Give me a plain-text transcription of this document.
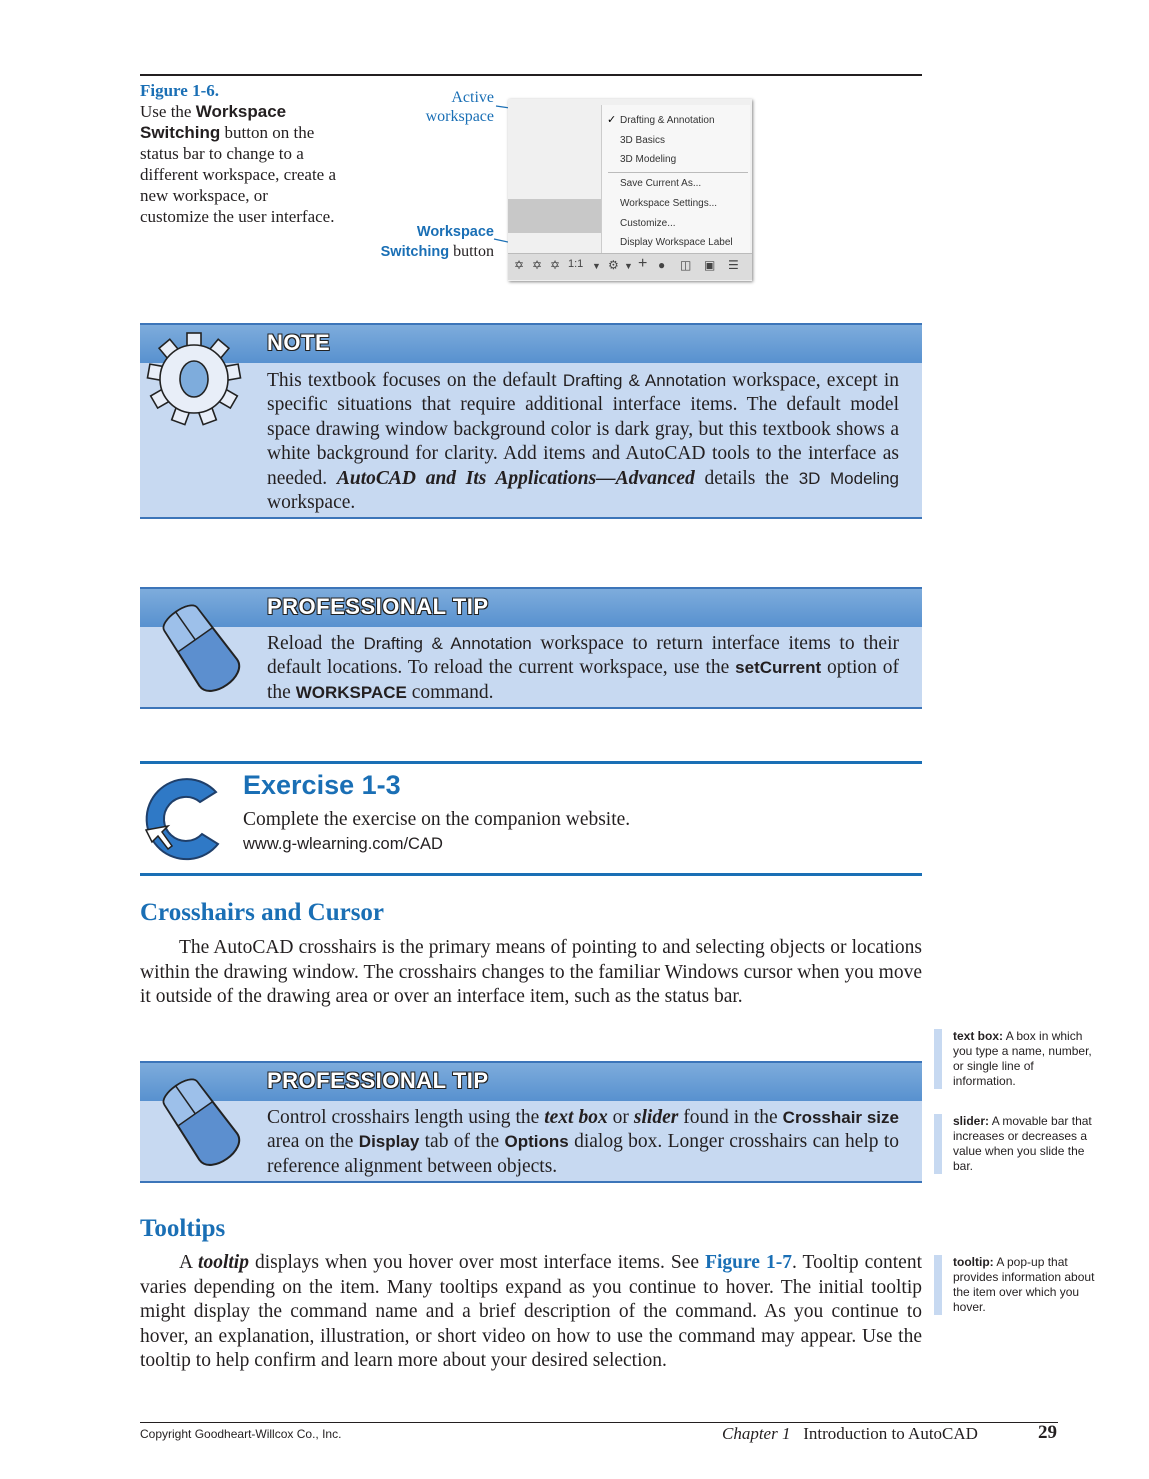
Figure 1-6.
Use the Workspace Switching button on the status bar to change to a different workspace, create a new workspace, or customize the user interface.
Active
workspace
Workspace
Switching button
✓ Drafting & Annotation
3D Basics
3D Modeling
Save Current As...
Workspace Settings...
Customize...
Display Workspace Label
✡ ✡ ✡ 1:1 ▼ ⚙ ▼ + ● ◫ ▣ ☰
NOTE
This textbook focuses on the default Drafting & Annotation workspace, except in specific situations that require additional interface items. The default model space drawing window background color is dark gray, but this textbook shows a white background for clarity. Add items and AutoCAD tools to the interface as needed. AutoCAD and Its Applications—Advanced details the 3D Modeling workspace.
PROFESSIONAL TIP
Reload the Drafting & Annotation workspace to return interface items to their default locations. To reload the current workspace, use the setCurrent option of the WORKSPACE command.
Exercise 1-3
Complete the exercise on the companion website.
www.g-wlearning.com/CAD
Crosshairs and Cursor

The AutoCAD crosshairs is the primary means of pointing to and selecting objects or locations within the drawing window. The crosshairs changes to the familiar Windows cursor when you move it outside of the drawing area or over an interface item, such as the status bar.

PROFESSIONAL TIP
Control crosshairs length using the text box or slider found in the Crosshair size area on the Display tab of the Options dialog box. Longer crosshairs can help to reference alignment between objects.
Tooltips

A tooltip displays when you hover over most interface items. See Figure 1-7. Tooltip content varies depending on the item. Many tooltips expand as you continue to hover. The initial tooltip might display the command name and a brief description of the command. As you continue to hover, an explanation, illustration, or short video on how to use the command may appear. Use the tooltip to help confirm and learn more about your desired selection.

text box: A box in which you type a name, number, or single line of information.
slider: A movable bar that increases or decreases a value when you slide the bar.
tooltip: A pop-up that provides information about the item over which you hover.
Copyright Goodheart-Willcox Co., Inc.	Chapter 1 Introduction to AutoCAD	29
